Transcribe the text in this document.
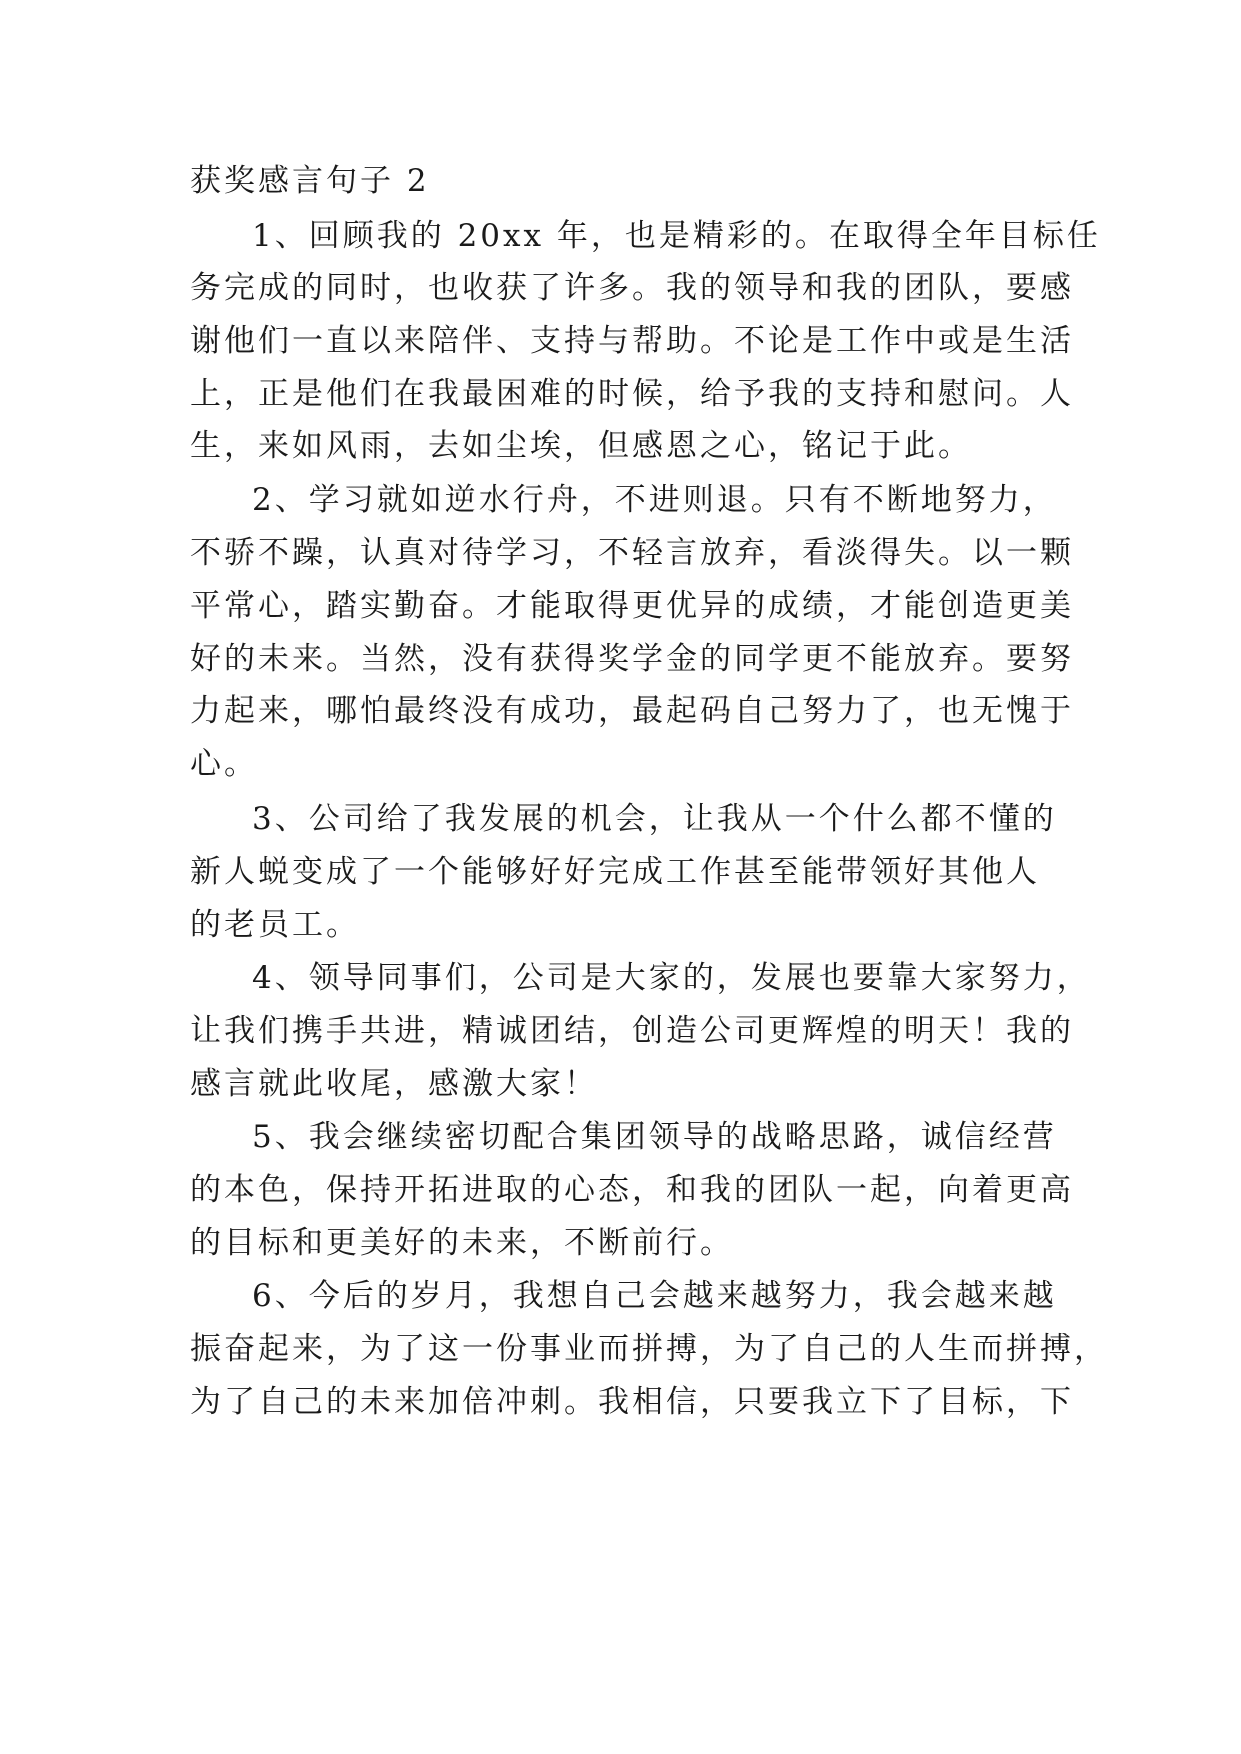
获奖感言句子 2
1、回顾我的 20xx 年，也是精彩的。在取得全年目标任
务完成的同时，也收获了许多。我的领导和我的团队，要感
谢他们一直以来陪伴、支持与帮助。不论是工作中或是生活
上，正是他们在我最困难的时候，给予我的支持和慰问。人
生，来如风雨，去如尘埃，但感恩之心，铭记于此。
2、学习就如逆水行舟，不进则退。只有不断地努力，
不骄不躁，认真对待学习，不轻言放弃，看淡得失。以一颗
平常心，踏实勤奋。才能取得更优异的成绩，才能创造更美
好的未来。当然，没有获得奖学金的同学更不能放弃。要努
力起来，哪怕最终没有成功，最起码自己努力了，也无愧于
心。
3、公司给了我发展的机会，让我从一个什么都不懂的
新人蜕变成了一个能够好好完成工作甚至能带领好其他人
的老员工。
4、领导同事们，公司是大家的，发展也要靠大家努力，
让我们携手共进，精诚团结，创造公司更辉煌的明天！我的
感言就此收尾，感激大家！
5、我会继续密切配合集团领导的战略思路，诚信经营
的本色，保持开拓进取的心态，和我的团队一起，向着更高
的目标和更美好的未来，不断前行。
6、今后的岁月，我想自己会越来越努力，我会越来越
振奋起来，为了这一份事业而拼搏，为了自己的人生而拼搏，
为了自己的未来加倍冲刺。我相信，只要我立下了目标，下
